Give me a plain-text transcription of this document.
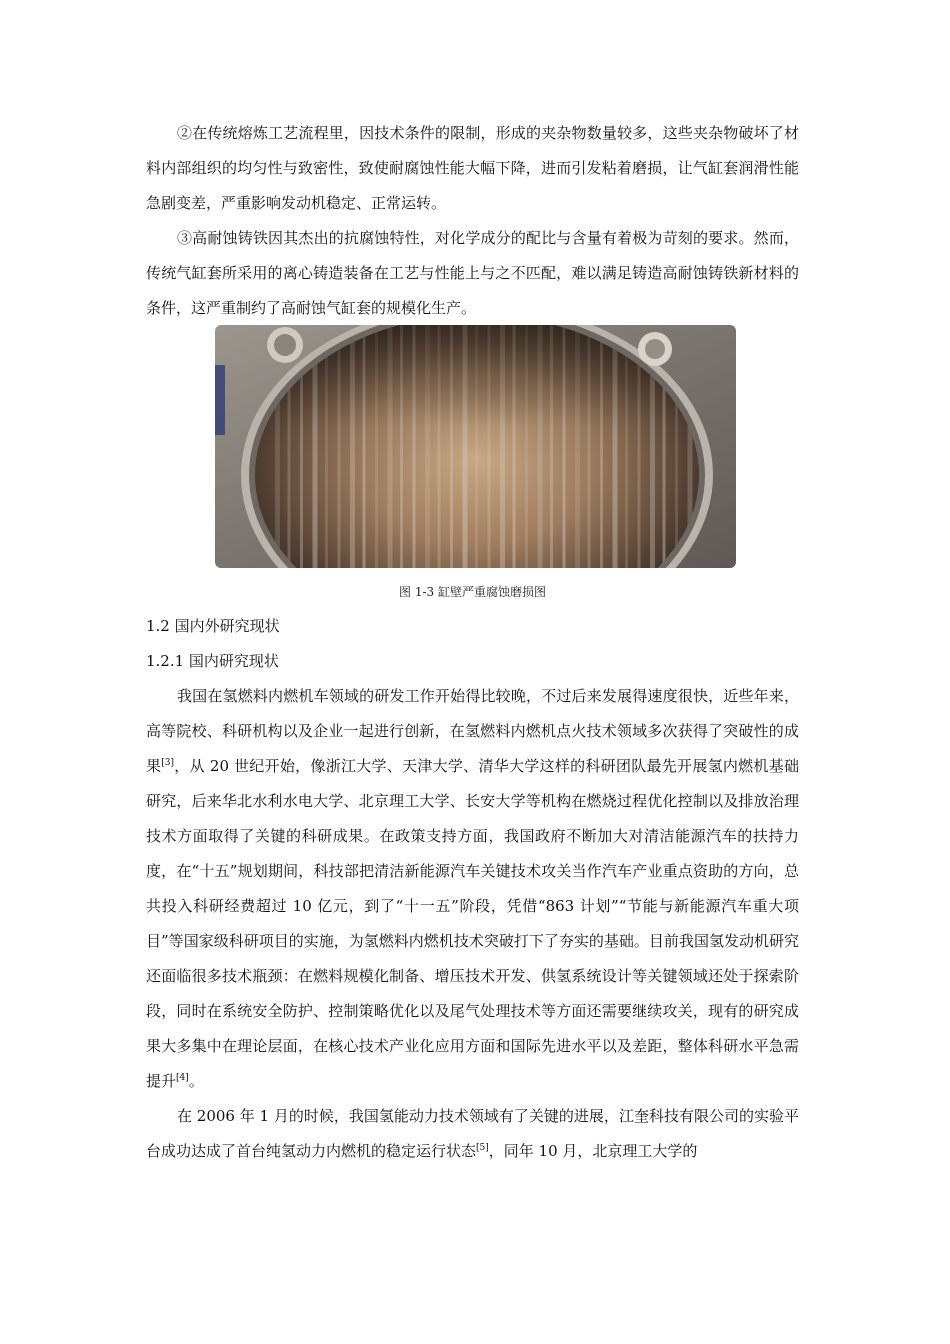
②在传统熔炼工艺流程里，因技术条件的限制，形成的夹杂物数量较多，这些夹杂物破坏了材料内部组织的均匀性与致密性，致使耐腐蚀性能大幅下降，进而引发粘着磨损，让气缸套润滑性能急剧变差，严重影响发动机稳定、正常运转。

③高耐蚀铸铁因其杰出的抗腐蚀特性，对化学成分的配比与含量有着极为苛刻的要求。然而，传统气缸套所采用的离心铸造装备在工艺与性能上与之不匹配，难以满足铸造高耐蚀铸铁新材料的条件，这严重制约了高耐蚀气缸套的规模化生产。

图 1-3 缸壁严重腐蚀磨损图

1.2 国内外研究现状

1.2.1 国内研究现状

我国在氢燃料内燃机车领域的研发工作开始得比较晚，不过后来发展得速度很快，近些年来，高等院校、科研机构以及企业一起进行创新，在氢燃料内燃机点火技术领域多次获得了突破性的成果[3]，从 20 世纪开始，像浙江大学、天津大学、清华大学这样的科研团队最先开展氢内燃机基础研究，后来华北水利水电大学、北京理工大学、长安大学等机构在燃烧过程优化控制以及排放治理技术方面取得了关键的科研成果。在政策支持方面，我国政府不断加大对清洁能源汽车的扶持力度，在“十五”规划期间，科技部把清洁新能源汽车关键技术攻关当作汽车产业重点资助的方向，总共投入科研经费超过 10 亿元，到了“十一五”阶段，凭借“863 计划”“节能与新能源汽车重大项目”等国家级科研项目的实施，为氢燃料内燃机技术突破打下了夯实的基础。目前我国氢发动机研究还面临很多技术瓶颈：在燃料规模化制备、增压技术开发、供氢系统设计等关键领域还处于探索阶段，同时在系统安全防护、控制策略优化以及尾气处理技术等方面还需要继续攻关，现有的研究成果大多集中在理论层面，在核心技术产业化应用方面和国际先进水平以及差距，整体科研水平急需提升[4]。

在 2006 年 1 月的时候，我国氢能动力技术领域有了关键的进展，江奎科技有限公司的实验平台成功达成了首台纯氢动力内燃机的稳定运行状态[5]，同年 10 月，北京理工大学的
